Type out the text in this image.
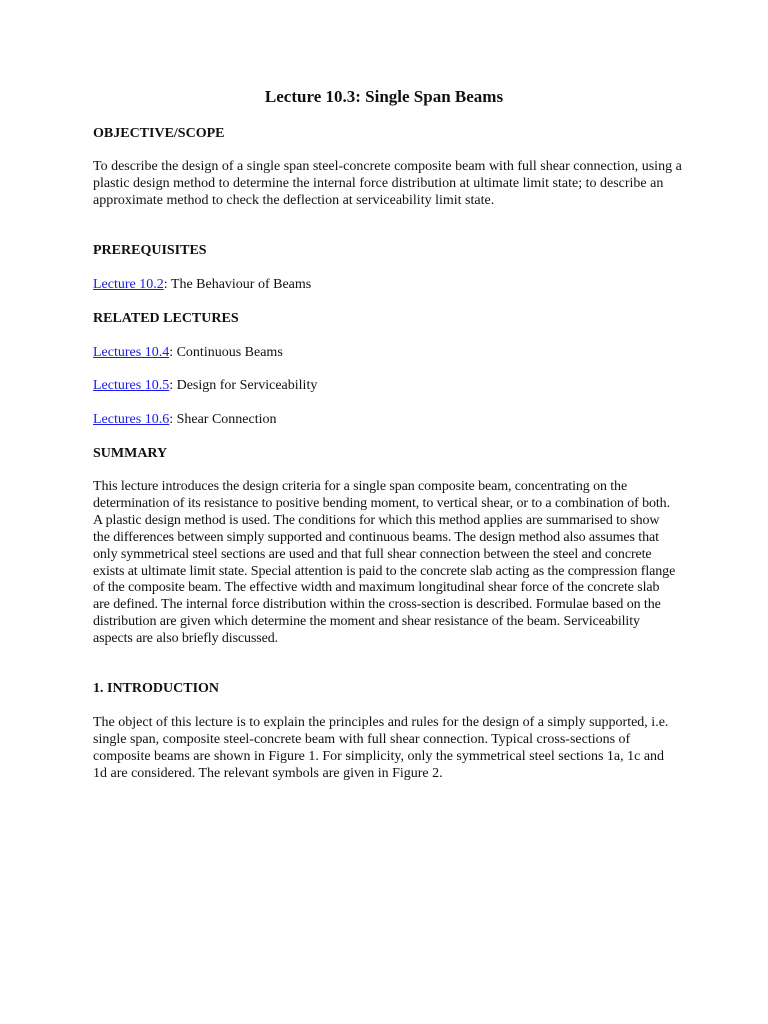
Lecture 10.3: Single Span Beams
OBJECTIVE/SCOPE

To describe the design of a single span steel-concrete composite beam with full shear connection, using a plastic design method to determine the internal force distribution at ultimate limit state; to describe an approximate method to check the deflection at serviceability limit state.

PREREQUISITES

Lecture 10.2: The Behaviour of Beams

RELATED LECTURES

Lectures 10.4: Continuous Beams

Lectures 10.5: Design for Serviceability

Lectures 10.6: Shear Connection

SUMMARY

This lecture introduces the design criteria for a single span composite beam, concentrating on the determination of its resistance to positive bending moment, to vertical shear, or to a combination of both. A plastic design method is used. The conditions for which this method applies are summarised to show the differences between simply supported and continuous beams. The design method also assumes that only symmetrical steel sections are used and that full shear connection between the steel and concrete exists at ultimate limit state. Special attention is paid to the concrete slab acting as the compression flange of the composite beam. The effective width and maximum longitudinal shear force of the concrete slab are defined. The internal force distribution within the cross-section is described. Formulae based on the distribution are given which determine the moment and shear resistance of the beam. Serviceability aspects are also briefly discussed.

1. INTRODUCTION

The object of this lecture is to explain the principles and rules for the design of a simply supported, i.e. single span, composite steel-concrete beam with full shear connection. Typical cross-sections of composite beams are shown in Figure 1. For simplicity, only the symmetrical steel sections 1a, 1c and 1d are considered. The relevant symbols are given in Figure 2.
